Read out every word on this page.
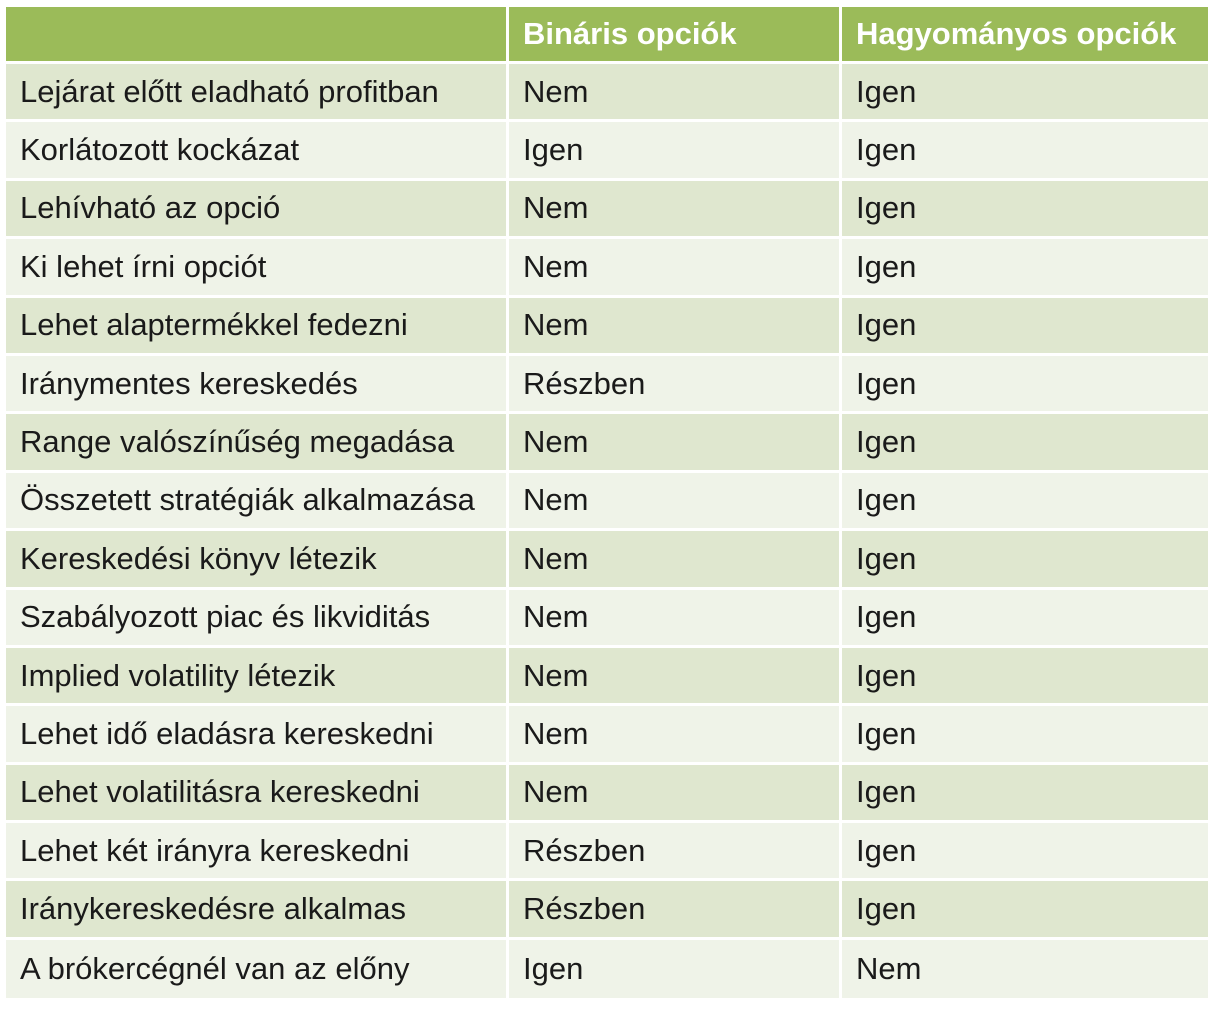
	Bináris opciók	Hagyományos opciók
Lejárat előtt eladható profitban	Nem	Igen
Korlátozott kockázat	Igen	Igen
Lehívható az opció	Nem	Igen
Ki lehet írni opciót	Nem	Igen
Lehet alaptermékkel fedezni	Nem	Igen
Iránymentes kereskedés	Részben	Igen
Range valószínűség megadása	Nem	Igen
Összetett stratégiák alkalmazása	Nem	Igen
Kereskedési könyv létezik	Nem	Igen
Szabályozott piac és likviditás	Nem	Igen
Implied volatility létezik	Nem	Igen
Lehet idő eladásra kereskedni	Nem	Igen
Lehet volatilitásra kereskedni	Nem	Igen
Lehet két irányra kereskedni	Részben	Igen
Iránykereskedésre alkalmas	Részben	Igen
A brókercégnél van az előny	Igen	Nem
